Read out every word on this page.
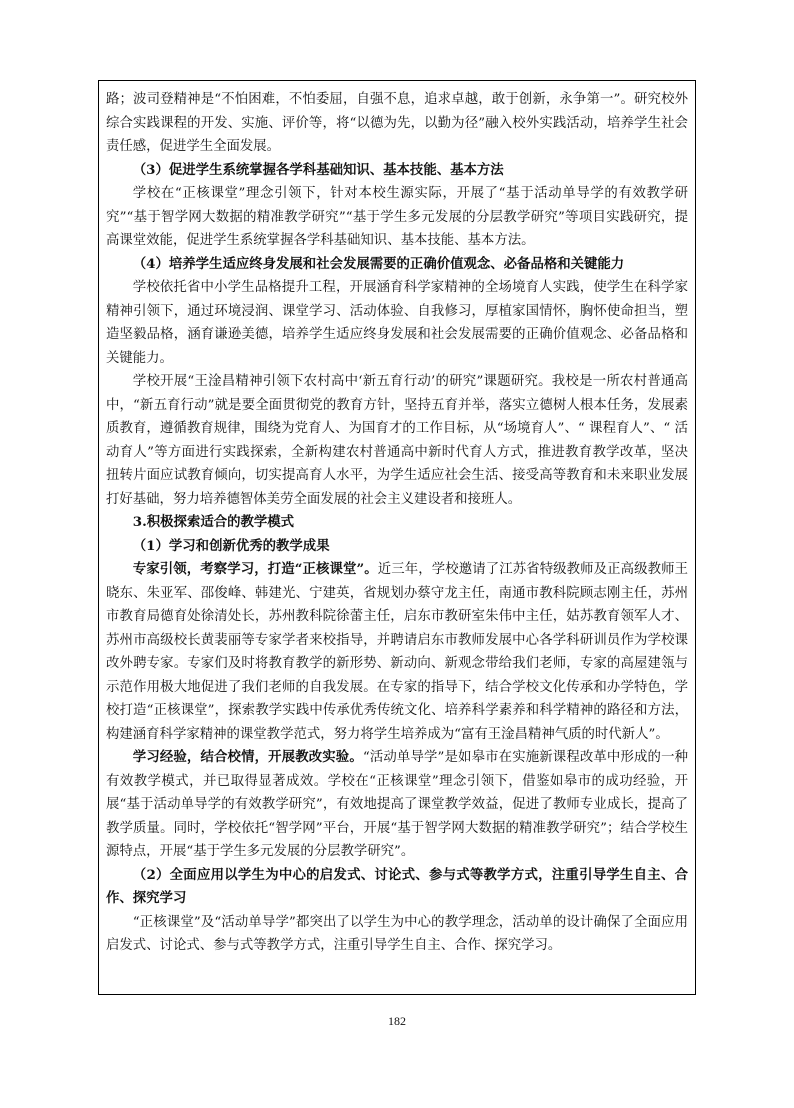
路；波司登精神是“不怕困难，不怕委屈，自强不息，追求卓越，敢于创新，永争第一”。研究校外综合实践课程的开发、实施、评价等，将“以德为先，以勤为径”融入校外实践活动，培养学生社会责任感，促进学生全面发展。

（3）促进学生系统掌握各学科基础知识、基本技能、基本方法

学校在“正核课堂”理念引领下，针对本校生源实际，开展了“基于活动单导学的有效教学研究”“基于智学网大数据的精准教学研究”“基于学生多元发展的分层教学研究”等项目实践研究，提高课堂效能，促进学生系统掌握各学科基础知识、基本技能、基本方法。

（4）培养学生适应终身发展和社会发展需要的正确价值观念、必备品格和关键能力

学校依托省中小学生品格提升工程，开展涵育科学家精神的全场境育人实践，使学生在科学家精神引领下，通过环境浸润、课堂学习、活动体验、自我修习，厚植家国情怀，胸怀使命担当，塑造坚毅品格，涵育谦逊美德，培养学生适应终身发展和社会发展需要的正确价值观念、必备品格和关键能力。

学校开展“王淦昌精神引领下农村高中‘新五育行动’的研究”课题研究。我校是一所农村普通高中，“新五育行动”就是要全面贯彻党的教育方针，坚持五育并举，落实立德树人根本任务，发展素质教育，遵循教育规律，围绕为党育人、为国育才的工作目标，从“场境育人”、“ 课程育人”、“ 活动育人”等方面进行实践探索，全新构建农村普通高中新时代育人方式，推进教育教学改革，坚决扭转片面应试教育倾向，切实提高育人水平，为学生适应社会生活、接受高等教育和未来职业发展打好基础，努力培养德智体美劳全面发展的社会主义建设者和接班人。

3.积极探索适合的教学模式

（1）学习和创新优秀的教学成果

专家引领，考察学习，打造“正核课堂”。近三年，学校邀请了江苏省特级教师及正高级教师王晓东、朱亚军、邵俊峰、韩建光、宁建英，省规划办蔡守龙主任，南通市教科院顾志刚主任，苏州市教育局德育处徐清处长，苏州教科院徐蕾主任，启东市教研室朱伟中主任，姑苏教育领军人才、苏州市高级校长黄裴丽等专家学者来校指导，并聘请启东市教师发展中心各学科研训员作为学校课改外聘专家。专家们及时将教育教学的新形势、新动向、新观念带给我们老师，专家的高屋建瓴与示范作用极大地促进了我们老师的自我发展。在专家的指导下，结合学校文化传承和办学特色，学校打造“正核课堂”，探索教学实践中传承优秀传统文化、培养科学素养和科学精神的路径和方法，构建涵育科学家精神的课堂教学范式，努力将学生培养成为“富有王淦昌精神气质的时代新人”。

学习经验，结合校情，开展教改实验。“活动单导学”是如皋市在实施新课程改革中形成的一种有效教学模式，并已取得显著成效。学校在“正核课堂”理念引领下，借鉴如皋市的成功经验，开展“基于活动单导学的有效教学研究”，有效地提高了课堂教学效益，促进了教师专业成长，提高了教学质量。同时，学校依托“智学网”平台，开展“基于智学网大数据的精准教学研究”；结合学校生源特点，开展“基于学生多元发展的分层教学研究”。

（2）全面应用以学生为中心的启发式、讨论式、参与式等教学方式，注重引导学生自主、合作、探究学习

“正核课堂”及“活动单导学”都突出了以学生为中心的教学理念，活动单的设计确保了全面应用启发式、讨论式、参与式等教学方式，注重引导学生自主、合作、探究学习。

182
